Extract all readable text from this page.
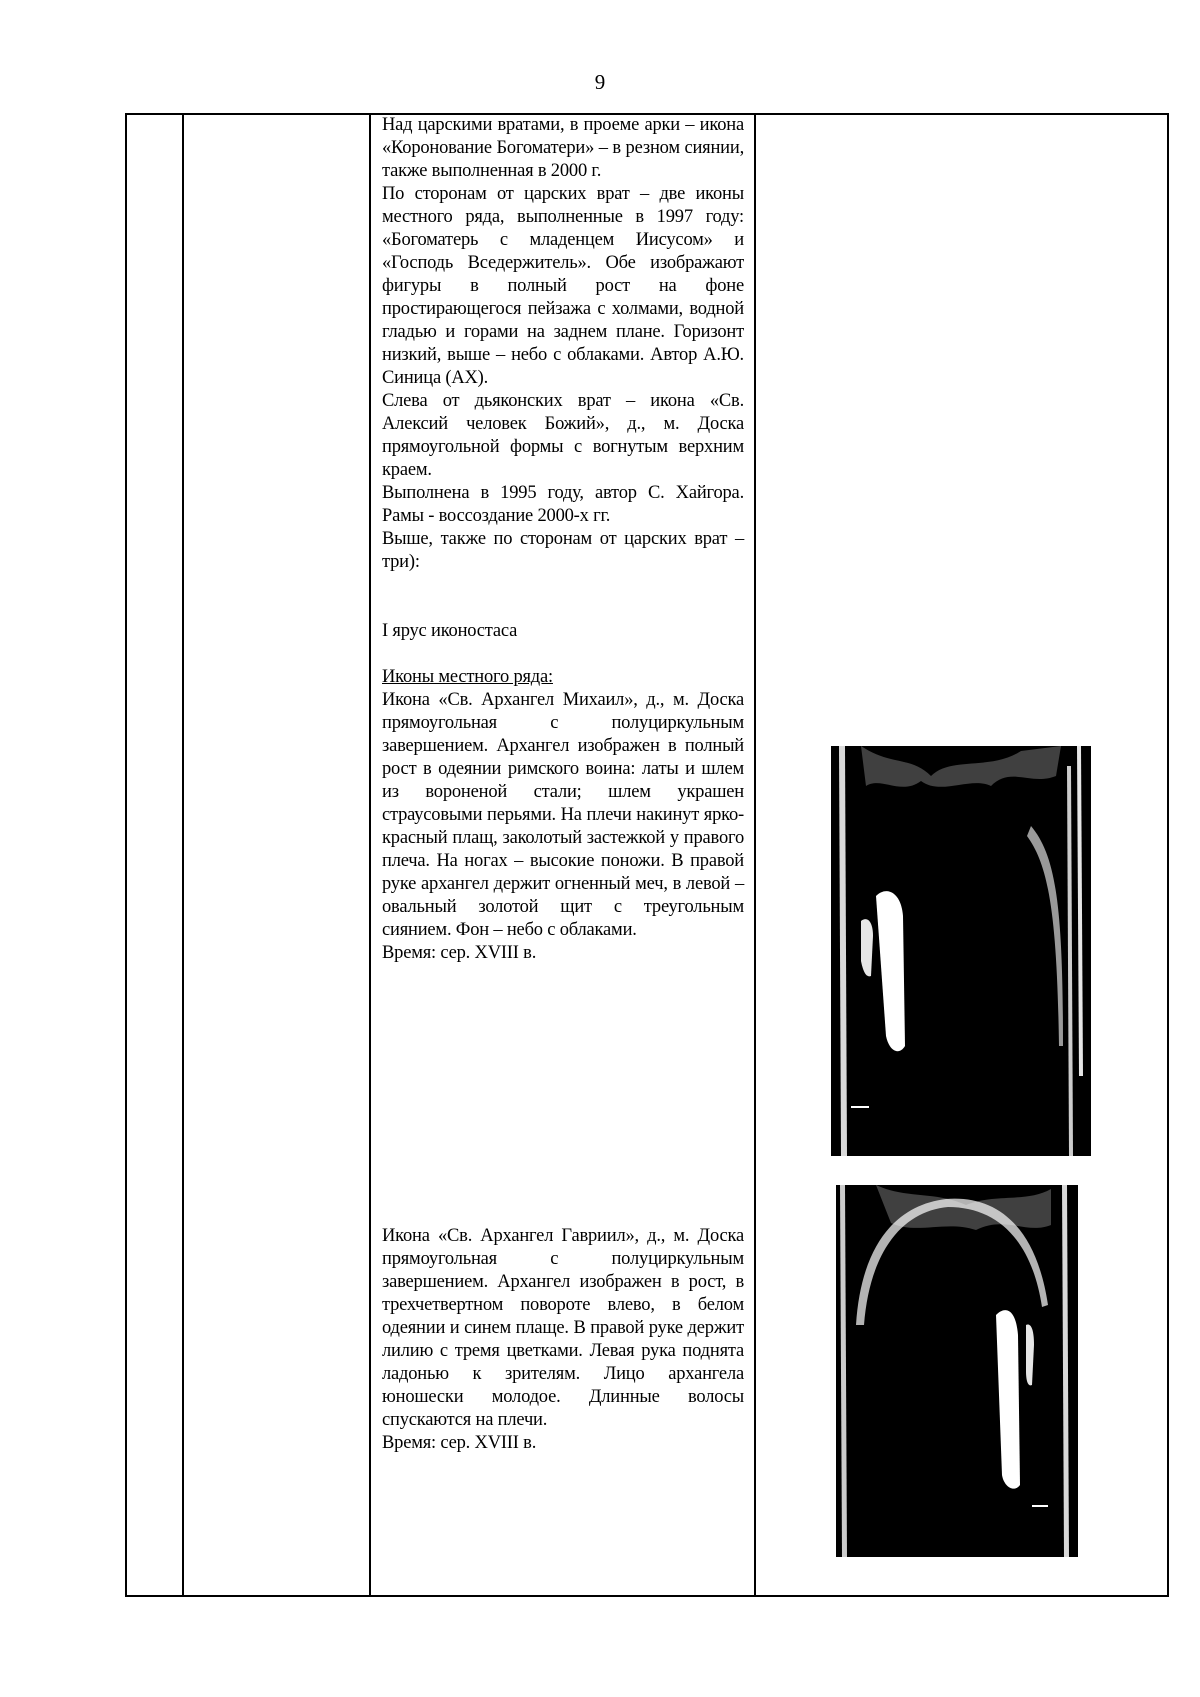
9

Над царскими вратами, в проеме арки – икона «Коронование Богоматери» – в резном сиянии, также выполненная в 2000 г.

По сторонам от царских врат – две иконы местного ряда, выполненные в 1997 году: «Богоматерь с младенцем Иисусом» и «Господь Вседержитель». Обе изображают фигуры в полный рост на фоне простирающегося пейзажа с холмами, водной гладью и горами на заднем плане. Горизонт низкий, выше – небо с облаками. Автор А.Ю. Синица (АХ).

Слева от дьяконских врат – икона «Св. Алексий человек Божий», д., м. Доска прямоугольной формы с вогнутым верхним краем.

Выполнена в 1995 году, автор С. Хайгора. Рамы - воссоздание 2000-х гг.

Выше, также по сторонам от царских врат – три):

I ярус иконостаса

Иконы местного ряда:

Икона «Св. Архангел Михаил», д., м. Доска прямоугольная с полуциркульным завершением. Архангел изображен в полный рост в одеянии римского воина: латы и шлем из вороненой стали; шлем украшен страусовыми перьями. На плечи накинут ярко-красный плащ, заколотый застежкой у правого плеча. На ногах – высокие поножи. В правой руке архангел держит огненный меч, в левой – овальный золотой щит с треугольным сиянием. Фон – небо с облаками.

Время: сер. XVIII в.

Икона «Св. Архангел Гавриил», д., м. Доска прямоугольная с полуциркульным завершением. Архангел изображен в рост, в трехчетвертном повороте влево, в белом одеянии и синем плаще. В правой руке держит лилию с тремя цветками. Левая рука поднята ладонью к зрителям. Лицо архангела юношески молодое. Длинные волосы спускаются на плечи.

Время: сер. XVIII в.
